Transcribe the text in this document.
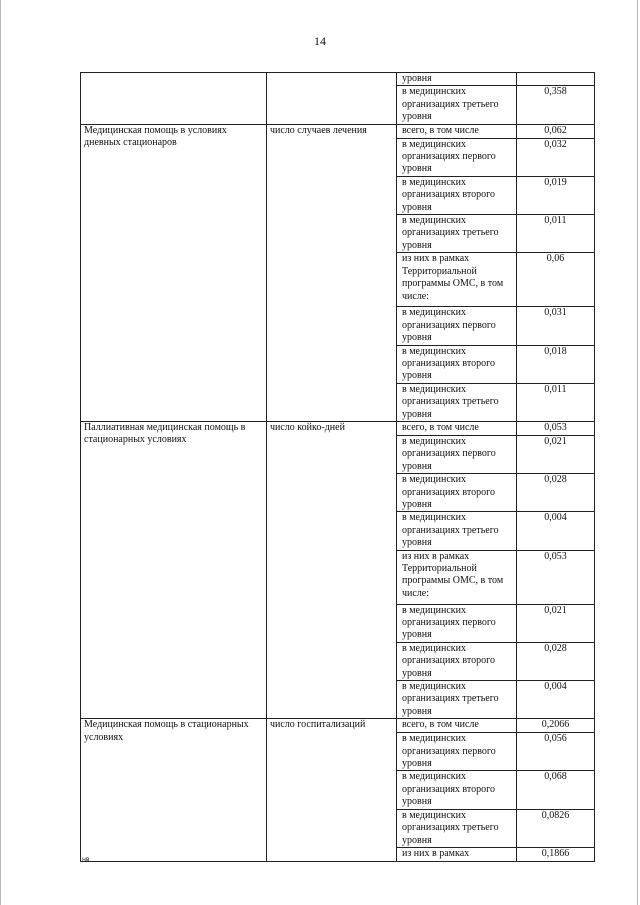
14
		уровня	
		в медицинских организациях третьего уровня	0,358
Медицинская помощь в условиях дневных стационаров	число случаев лечения	всего, в том числе	0,062
		в медицинских организациях первого уровня	0,032
		в медицинских организациях второго уровня	0,019
		в медицинских организациях третьего уровня	0,011
		из них в рамках Территориальной программы ОМС, в том числе:	0,06
		в медицинских организациях первого уровня	0,031
		в медицинских организациях второго уровня	0,018
		в медицинских организациях третьего уровня	0,011
Паллиативная медицинская помощь в стационарных условиях	число койко-дней	всего, в том числе	0,053
		в медицинских организациях первого уровня	0,021
		в медицинских организациях второго уровня	0,028
		в медицинских организациях третьего уровня	0,004
		из них в рамках Территориальной программы ОМС, в том числе:	0,053
		в медицинских организациях первого уровня	0,021
		в медицинских организациях второго уровня	0,028
		в медицинских организациях третьего уровня	0,004
Медицинская помощь в стационарных условиях	число госпитализаций	всего, в том числе	0,2066
		в медицинских организациях первого уровня	0,056
		в медицинских организациях второго уровня	0,068
		в медицинских организациях третьего уровня	0,0826
		из них в рамках	0,1866
нв
